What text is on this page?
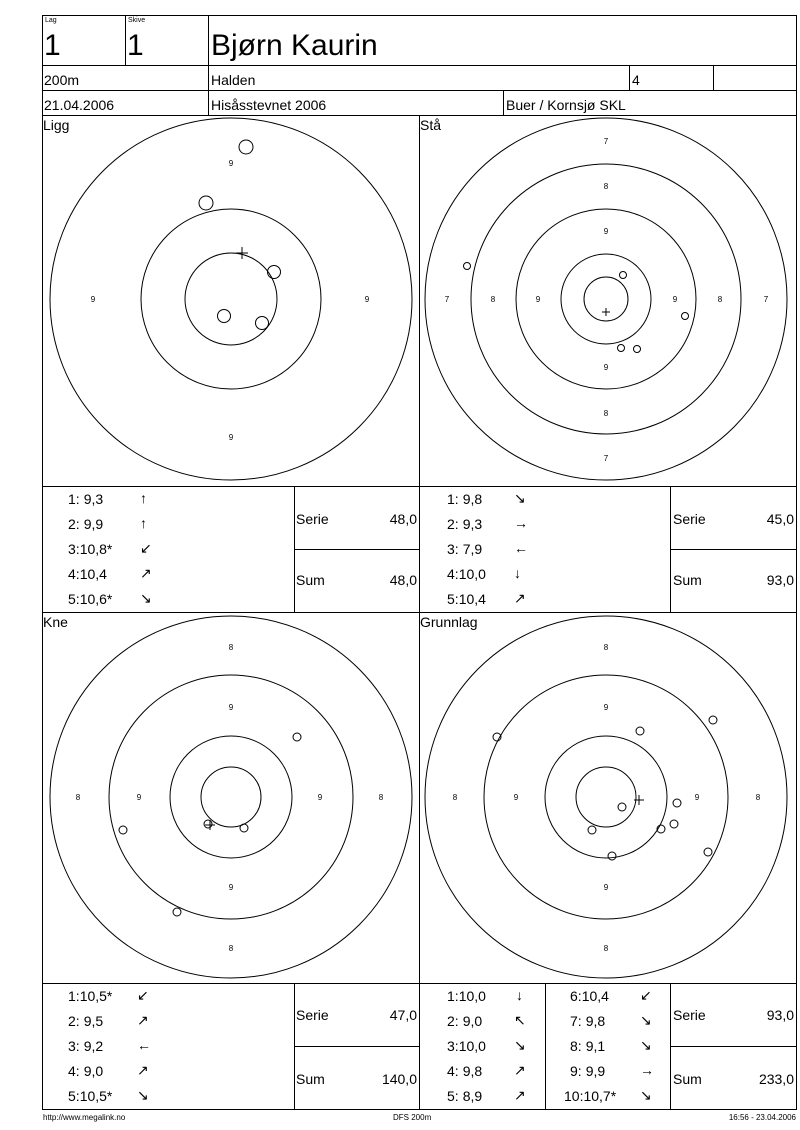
Lag
1
Skive
1 Bjørn Kaurin
200m	Halden	4
21.04.2006	Hisåsstevnet 2006	Buer / Kornsjø SKL
Ligg	Stå
Kne	Grunnlag
9
9	9
9
7
8
9
7	8	9	9	8	7
9
8
7
8
9
8	9	9	8
9
8
8
9
8	9	9	8
9
8
1: 9,3	↑
2: 9,9	↑
3:10,8* ↙
4:10,4 ↗
5:10,6* ↘
Serie	48,0
Sum	48,0
1: 9,8 ↘
2: 9,3 →
3: 7,9 ←
4:10,0 ↓
5:10,4 ↗
Serie	45,0
Sum	93,0
1:10,5* ↙
2: 9,5 ↗
3: 9,2 ←
4: 9,0 ↗
5:10,5* ↘
Serie	47,0
Sum	140,0
1:10,0 ↓
2: 9,0 ↖
3:10,0 ↘
4: 9,8 ↗
5: 8,9 ↗
6:10,4 ↙
7: 9,8 ↘
8: 9,1 ↘
9: 9,9 →
10:10,7* ↘
Serie	93,0
Sum	233,0
http://www.megalink.no	DFS 200m	16:56 - 23.04.2006
